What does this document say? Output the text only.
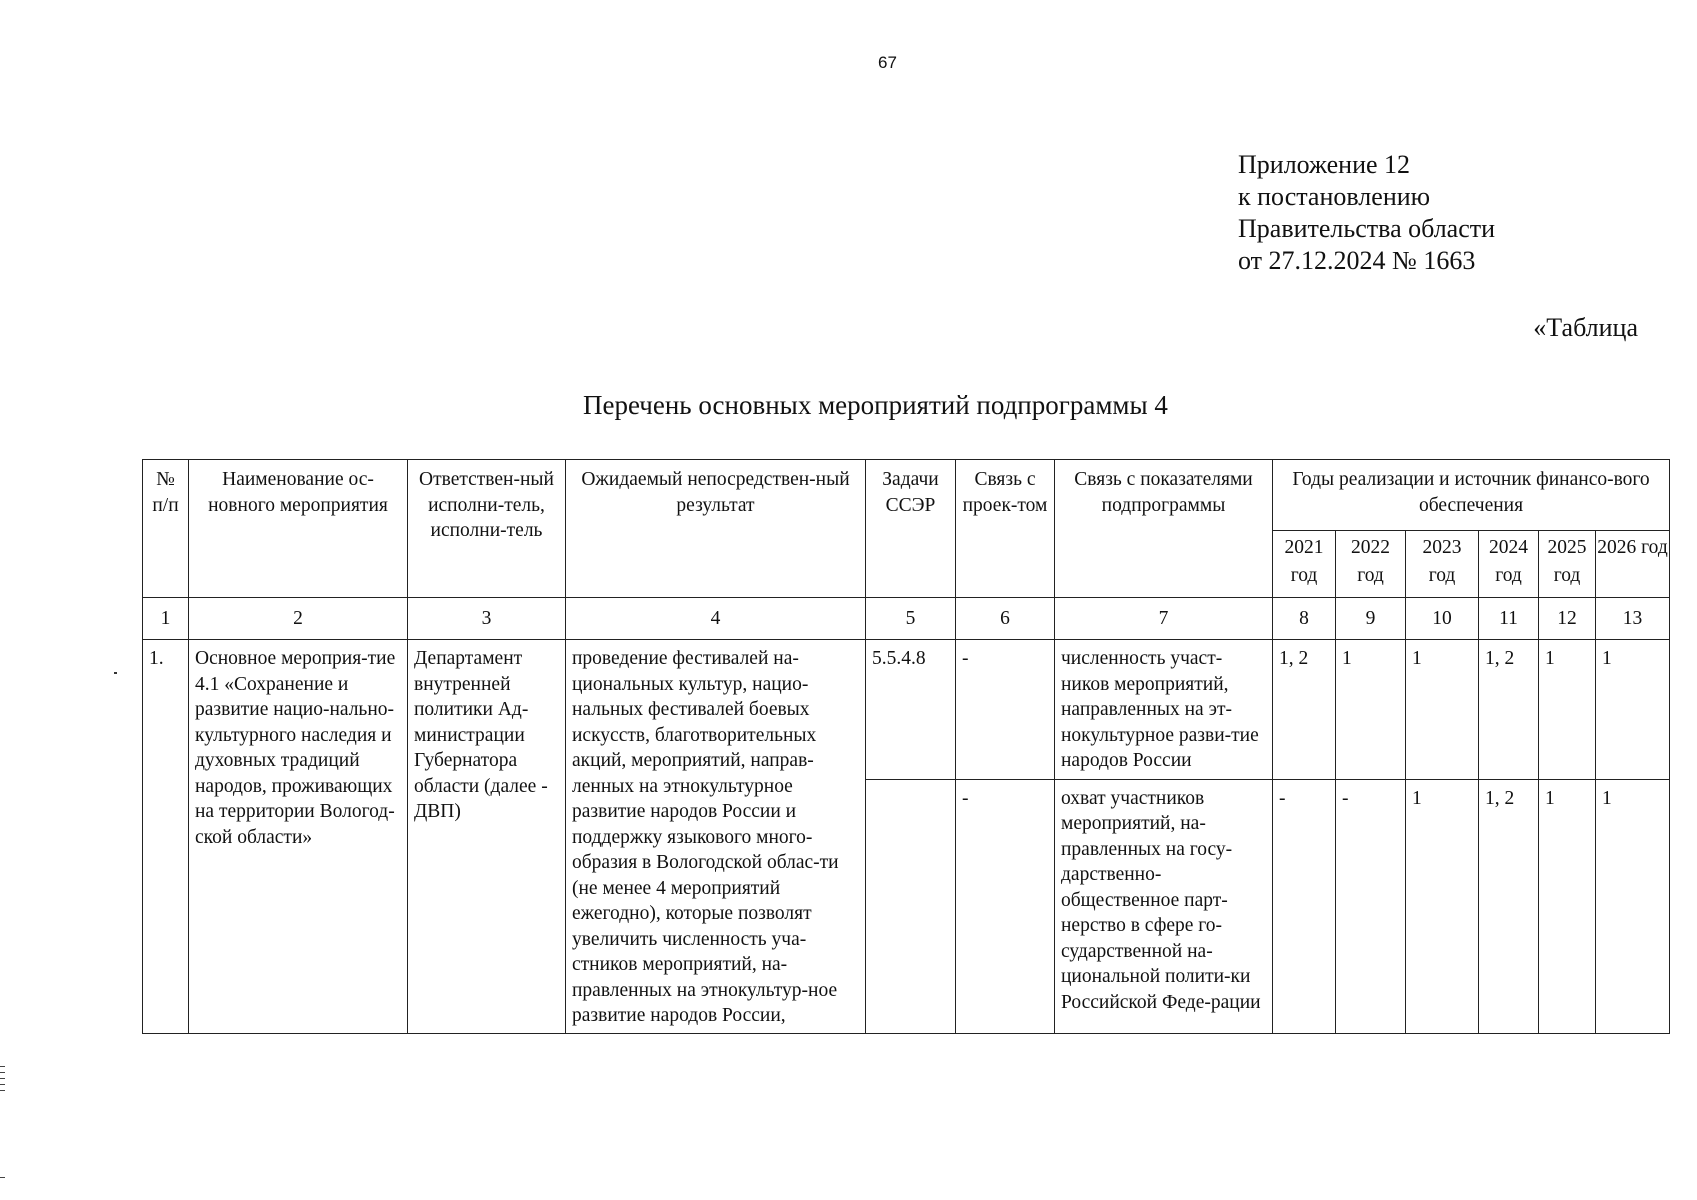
67
Приложение 12
к постановлению
Правительства области
от 27.12.2024 № 1663
«Таблица
Перечень основных мероприятий подпрограммы 4
№ п/п	Наименование ос-новного мероприятия	Ответствен-ный исполни-тель, исполни-тель	Ожидаемый непосредствен-ный результат	Задачи ССЭР	Связь с проек-том	Связь с показателями подпрограммы	Годы реализации и источник финансо-вого обеспечения					
							2021 год	2022 год	2023 год	2024 год	2025 год	2026 год
1	2	3	4	5	6	7	8	9	10	11	12	13
1.	Основное мероприя-тие 4.1 «Сохранение и развитие нацио-нально-культурного наследия и духовных традиций народов, проживающих на территории Вологод-ской области»	Департамент внутренней политики Ад-министрации Губернатора области (далее - ДВП)	проведение фестивалей на-циональных культур, нацио-нальных фестивалей боевых искусств, благотворительных акций, мероприятий, направ-ленных на этнокультурное развитие народов России и поддержку языкового много-образия в Вологодской облас-ти (не менее 4 мероприятий ежегодно), которые позволят увеличить численность уча-стников мероприятий, на-правленных на этнокультур-ное развитие народов России,	5.5.4.8	-	численность участ-ников мероприятий, направленных на эт-нокультурное разви-тие народов России	1, 2	1	1	1, 2	1	1
					-	охват участников мероприятий, на-правленных на госу-дарственно-общественное парт-нерство в сфере го-сударственной на-циональной полити-ки Российской Феде-рации	-	-	1	1, 2	1	1
